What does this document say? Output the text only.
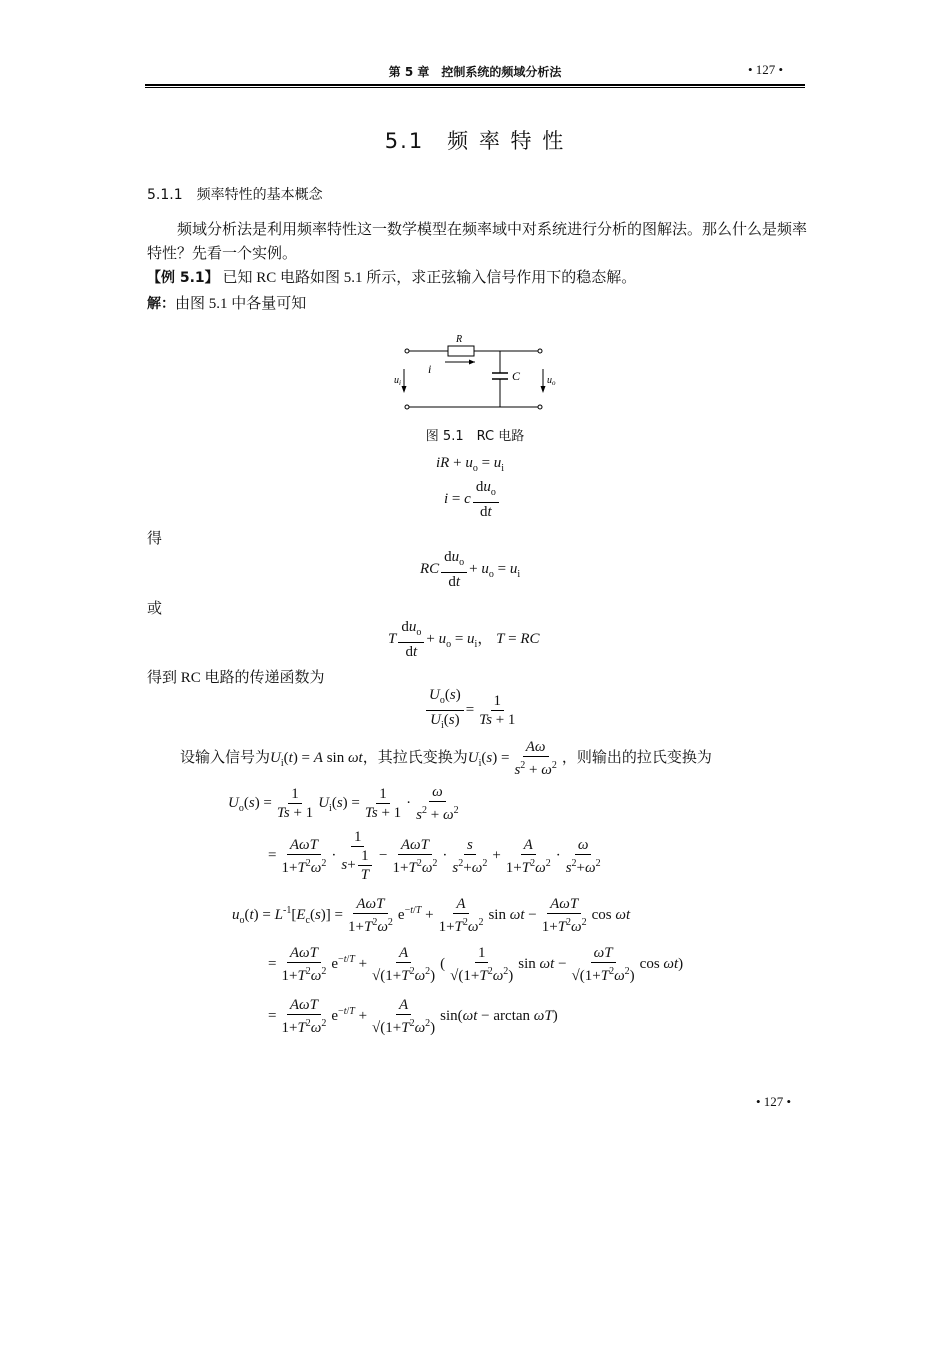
第 5 章　控制系统的频域分析法	• 127 •
5.1　频 率 特 性
5.1.1　频率特性的基本概念
频域分析法是利用频率特性这一数学模型在频率域中对系统进行分析的图解法。那么什么是频率特性？先看一个实例。
【例 5.1】 已知 RC 电路如图 5.1 所示，求正弦输入信号作用下的稳态解。
解：由图 5.1 中各量可知
R
C
i
$u_i$	$u_o$
图 5.1　RC 电路
iR + $u_o = u_i$
i = c $\frac{du_o}{dt}$
得
RC $\frac{du_o}{dt} + u_o = u_i$
或
T $\frac{du_o}{dt} + u_o = u_i$， T = RC
得到 RC 电路的传递函数为
$\frac{U_o(s)}{U_i(s)} = \frac{1}{Ts + 1}$
设输入信号为$U_i(t) = A$ sin ωt，其拉氏变换为$U_i(s) = \frac{A\omega}{s^2 + \omega^2}$ ，则输出的拉氏变换为
$U_o(s) = \frac{1}{Ts + 1} U_i(s) = \frac{1}{Ts + 1} \cdot \frac{\omega}{s^2 + \omega^2}$
= $\frac{\text{AωT}}{1+T^2\omega^2} \cdot \frac{1}{s+ \frac{1}{T}} - \frac{\text{AωT}}{1+T^2\omega^2} \cdot \frac{s}{s^2+\omega^2} + \frac{A}{1+T^2\omega^2} \cdot \frac{\omega}{s^2+\omega^2}$
$u_o(t) = L^{-1}[E_c(s)] = \frac{\text{AωT}}{1+T^2\omega^2} e^{-t/T} + \frac{A}{1+T^2\omega^2}$ $\sin \omega t - \frac{\text{AωT}}{1+T^2\omega^2}$ cos ωt
= $\frac{\text{AωT}}{1+T^2\omega^2} e^{-t/T} + \frac{A}{√(1+T^2\omega^2)}$ ( $\frac{1}{√(1+T^2\omega^2)}$ $\sin \omega t - \frac{\omega T}{√(1+T^2\omega^2)}$ cos ωt)
= $\frac{\text{AωT}}{1+T^2\omega^2} e^{-t/T} + \frac{A}{√(1+T^2\omega^2)} \sin(\omega t - \arctan \omega T)$
• 127 •
